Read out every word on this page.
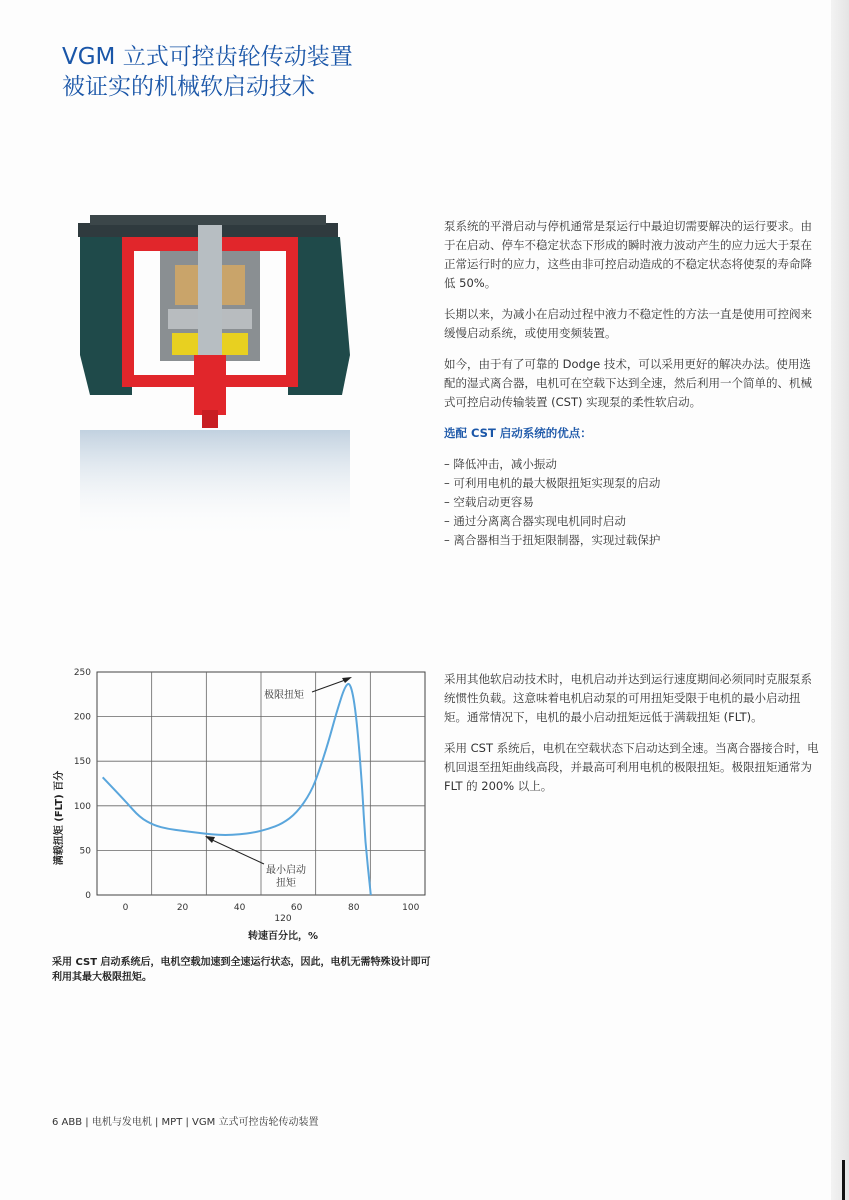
VGM 立式可控齿轮传动装置
被证实的机械软启动技术

泵系统的平滑启动与停机通常是泵运行中最迫切需要解决的运行要求。由于在启动、停车不稳定状态下形成的瞬时液力波动产生的应力远大于泵在正常运行时的应力，这些由非可控启动造成的不稳定状态将使泵的寿命降低 50%。

长期以来，为减小在启动过程中液力不稳定性的方法一直是使用可控阀来缓慢启动系统，或使用变频装置。

如今，由于有了可靠的 Dodge 技术，可以采用更好的解决办法。使用选配的湿式离合器，电机可在空载下达到全速，然后利用一个简单的、机械式可控启动传输装置 (CST) 实现泵的柔性软启动。

选配 CST 启动系统的优点：

– 降低冲击，减小振动
– 可利用电机的最大极限扭矩实现泵的启动
– 空载启动更容易
– 通过分离离合器实现电机同时启动
– 离合器相当于扭矩限制器，实现过载保护

采用其他软启动技术时，电机启动并达到运行速度期间必须同时克服泵系统惯性负载。这意味着电机启动泵的可用扭矩受限于电机的最小启动扭矩。通常情况下，电机的最小启动扭矩远低于满载扭矩 (FLT)。

采用 CST 系统后，电机在空载状态下启动达到全速。当离合器接合时，电机回退至扭矩曲线高段，并最高可利用电机的极限扭矩。极限扭矩通常为 FLT 的 200% 以上。

0
50
100
150
200
250
0	20	40	60	80	100
极限扭矩
最小启动
扭矩
满载扭矩 (FLT) 百分
120
转速百分比，%
采用 CST 启动系统后，电机空载加速到全速运行状态，因此，电机无需特殊设计即可利用其最大极限扭矩。
6 ABB | 电机与发电机 | MPT | VGM 立式可控齿轮传动装置
